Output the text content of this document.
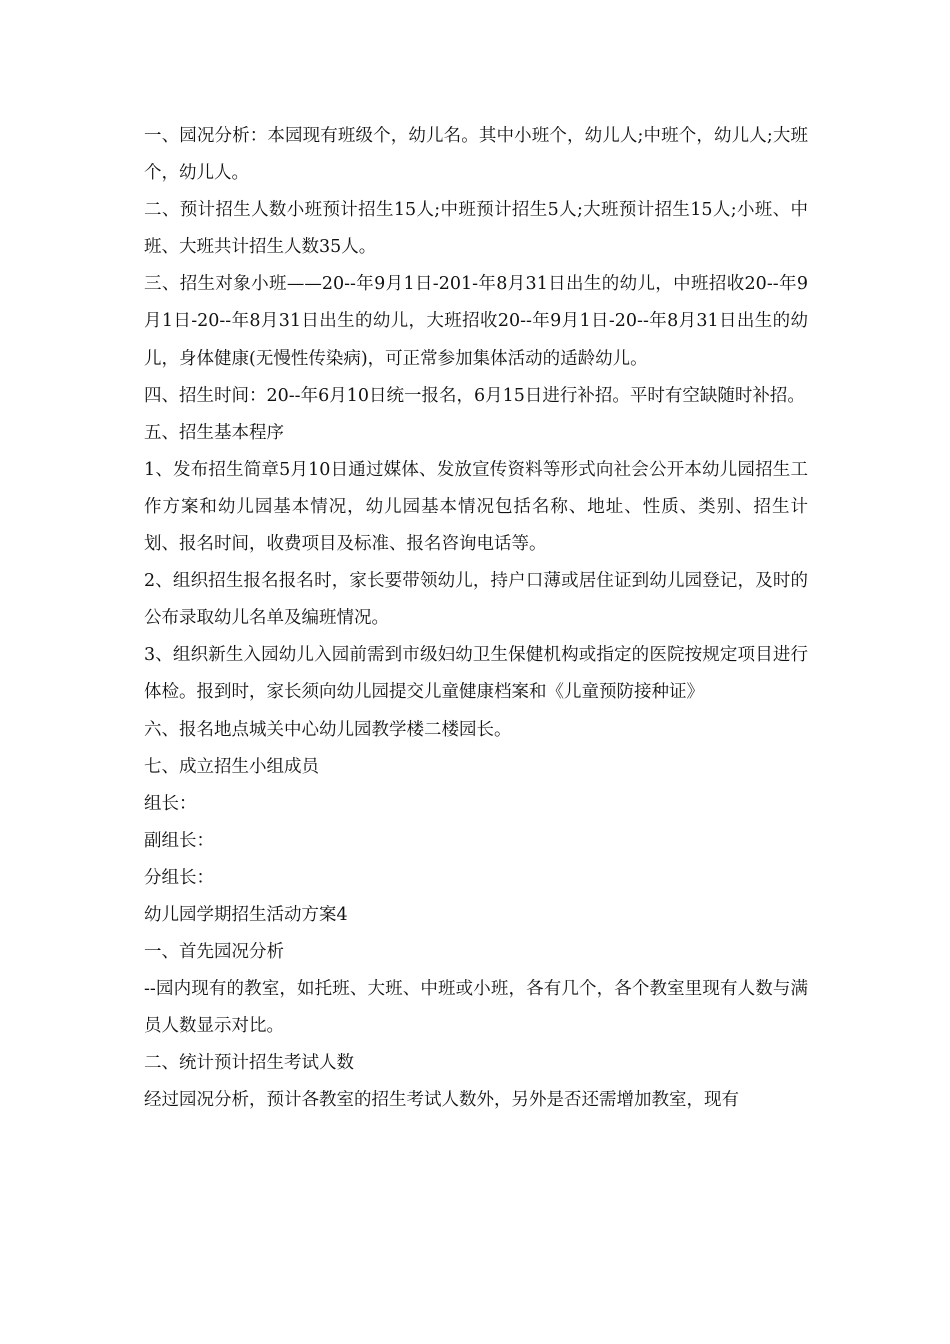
一、园况分析：本园现有班级个，幼儿名。其中小班个，幼儿人;中班个，幼儿人;大班个，幼儿人。

二、预计招生人数小班预计招生15人;中班预计招生5人;大班预计招生15人;小班、中班、大班共计招生人数35人。

三、招生对象小班——20--年9月1日-201-年8月31日出生的幼儿，中班招收20--年9月1日-20--年8月31日出生的幼儿，大班招收20--年9月1日-20--年8月31日出生的幼儿，身体健康(无慢性传染病)，可正常参加集体活动的适龄幼儿。

四、招生时间：20--年6月10日统一报名，6月15日进行补招。平时有空缺随时补招。

五、招生基本程序

1、发布招生简章5月10日通过媒体、发放宣传资料等形式向社会公开本幼儿园招生工作方案和幼儿园基本情况，幼儿园基本情况包括名称、地址、性质、类别、招生计划、报名时间，收费项目及标准、报名咨询电话等。

2、组织招生报名报名时，家长要带领幼儿，持户口薄或居住证到幼儿园登记，及时的公布录取幼儿名单及编班情况。

3、组织新生入园幼儿入园前需到市级妇幼卫生保健机构或指定的医院按规定项目进行体检。报到时，家长须向幼儿园提交儿童健康档案和《儿童预防接种证》

六、报名地点城关中心幼儿园教学楼二楼园长。

七、成立招生小组成员

组长：

副组长：

分组长：

幼儿园学期招生活动方案4

一、首先园况分析

--园内现有的教室，如托班、大班、中班或小班，各有几个，各个教室里现有人数与满员人数显示对比。

二、统计预计招生考试人数

经过园况分析，预计各教室的招生考试人数外，另外是否还需增加教室，现有
